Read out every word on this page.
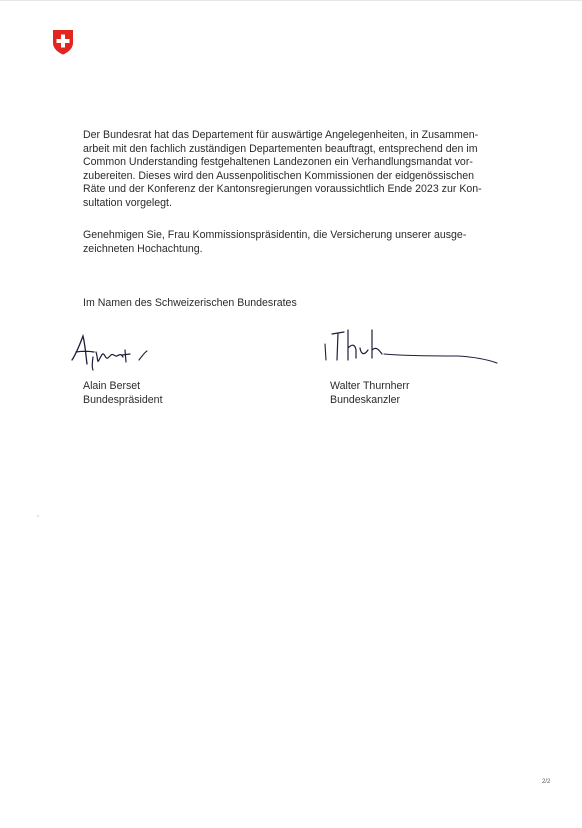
Der Bundesrat hat das Departement für auswärtige Angelegenheiten, in Zusammen-
arbeit mit den fachlich zuständigen Departementen beauftragt, entsprechend den im
Common Understanding festgehaltenen Landezonen ein Verhandlungsmandat vor-
zubereiten. Dieses wird den Aussenpolitischen Kommissionen der eidgenössischen
Räte und der Konferenz der Kantonsregierungen voraussichtlich Ende 2023 zur Kon-
sultation vorgelegt.

Genehmigen Sie, Frau Kommissionspräsidentin, die Versicherung unserer ausge-
zeichneten Hochachtung.

Im Namen des Schweizerischen Bundesrates

Alain Berset
Bundespräsident
Walter Thurnherr
Bundeskanzler
2/2
